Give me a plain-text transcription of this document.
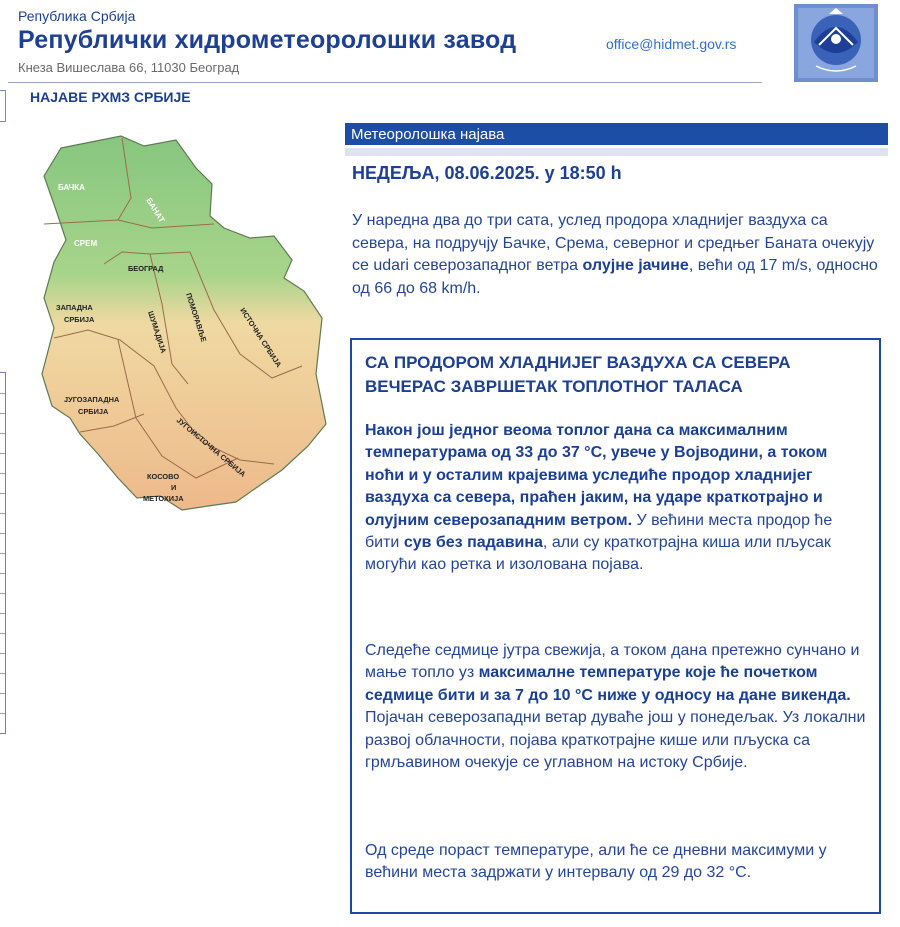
Република Србија
Републички хидрометеоролошки завод
Кнеза Вишеслава 66, 11030 Београд
office@hidmet.gov.rs
НАЈАВЕ РХМЗ СРБИЈЕ
БАЧКА
БАНАТ
СРЕМ
БЕОГРАД
ЗАПАДНА
СРБИЈА	ШУМАДИЈА ПОМОРАВЉЕ	ИСТОЧНА СРБИЈА
ЈУГОЗАПАДНА
СРБИЈА
ЈУГОИСТОЧНА СРБИЈА
КОСОВО
И
МЕТОХИЈА
Метеоролошка најава
НЕДЕЉА, 08.06.2025. у 18:50 h
У наредна два до три сата, услед продора хладнијег ваздуха са севера, на подручју Бачке, Срема, северног и средњег Баната очекују се udari северозападног ветра олујне јачине, већи од 17 m/s, односно од 66 до 68 km/h.
СА ПРОДОРОМ ХЛАДНИЈЕГ ВАЗДУХА СА СЕВЕРА ВЕЧЕРАС ЗАВРШЕТАК ТОПЛОТНОГ ТАЛАСА
Након још једног веома топлог дана са максималним температурама од 33 до 37 °C, увече у Војводини, а током ноћи и у осталим крајевима уследиће продор хладнијег ваздуха са севера, праћен јаким, на ударе краткотрајно и олујним северозападним ветром. У већини места продор ће бити сув без падавина, али су краткотрајна киша или пљусак могући као ретка и изолована појава.
Следеће седмице јутра свежија, а током дана претежно сунчано и мање топло уз максималне температуре које ће почетком седмице бити и за 7 до 10 °C ниже у односу на дане викенда. Појачан северозападни ветар дуваће још у понедељак. Уз локални развој облачности, појава краткотрајне кише или пљуска са грмљавином очекује се углавном на истоку Србије.
Од среде пораст температуре, али ће се дневни максимуми у већини места задржати у интервалу од 29 до 32 °C.
